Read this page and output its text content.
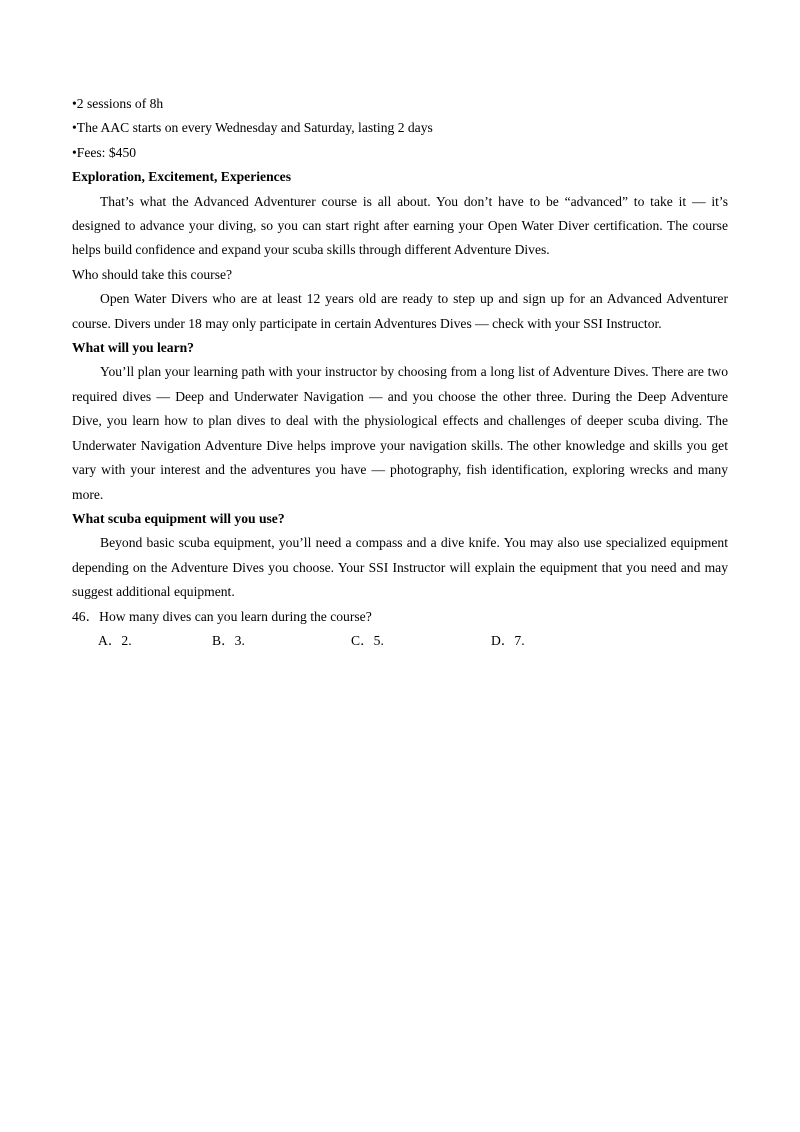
•2 sessions of 8h

•The AAC starts on every Wednesday and Saturday, lasting 2 days

•Fees: $450

Exploration, Excitement, Experiences

That’s what the Advanced Adventurer course is all about. You don’t have to be “advanced” to take it — it’s designed to advance your diving, so you can start right after earning your Open Water Diver certification. The course helps build confidence and expand your scuba skills through different Adventure Dives.

Who should take this course?

Open Water Divers who are at least 12 years old are ready to step up and sign up for an Advanced Adventurer course. Divers under 18 may only participate in certain Adventures Dives — check with your SSI Instructor.

What will you learn?

You’ll plan your learning path with your instructor by choosing from a long list of Adventure Dives. There are two required dives — Deep and Underwater Navigation — and you choose the other three. During the Deep Adventure Dive, you learn how to plan dives to deal with the physiological effects and challenges of deeper scuba diving. The Underwater Navigation Adventure Dive helps improve your navigation skills. The other knowledge and skills you get vary with your interest and the adventures you have — photography, fish identification, exploring wrecks and many more.

What scuba equipment will you use?

Beyond basic scuba equipment, you’ll need a compass and a dive knife. You may also use specialized equipment depending on the Adventure Dives you choose. Your SSI Instructor will explain the equipment that you need and may suggest additional equipment.

46．How many dives can you learn during the course?

A．2.	B．3.	C．5.	D．7.
